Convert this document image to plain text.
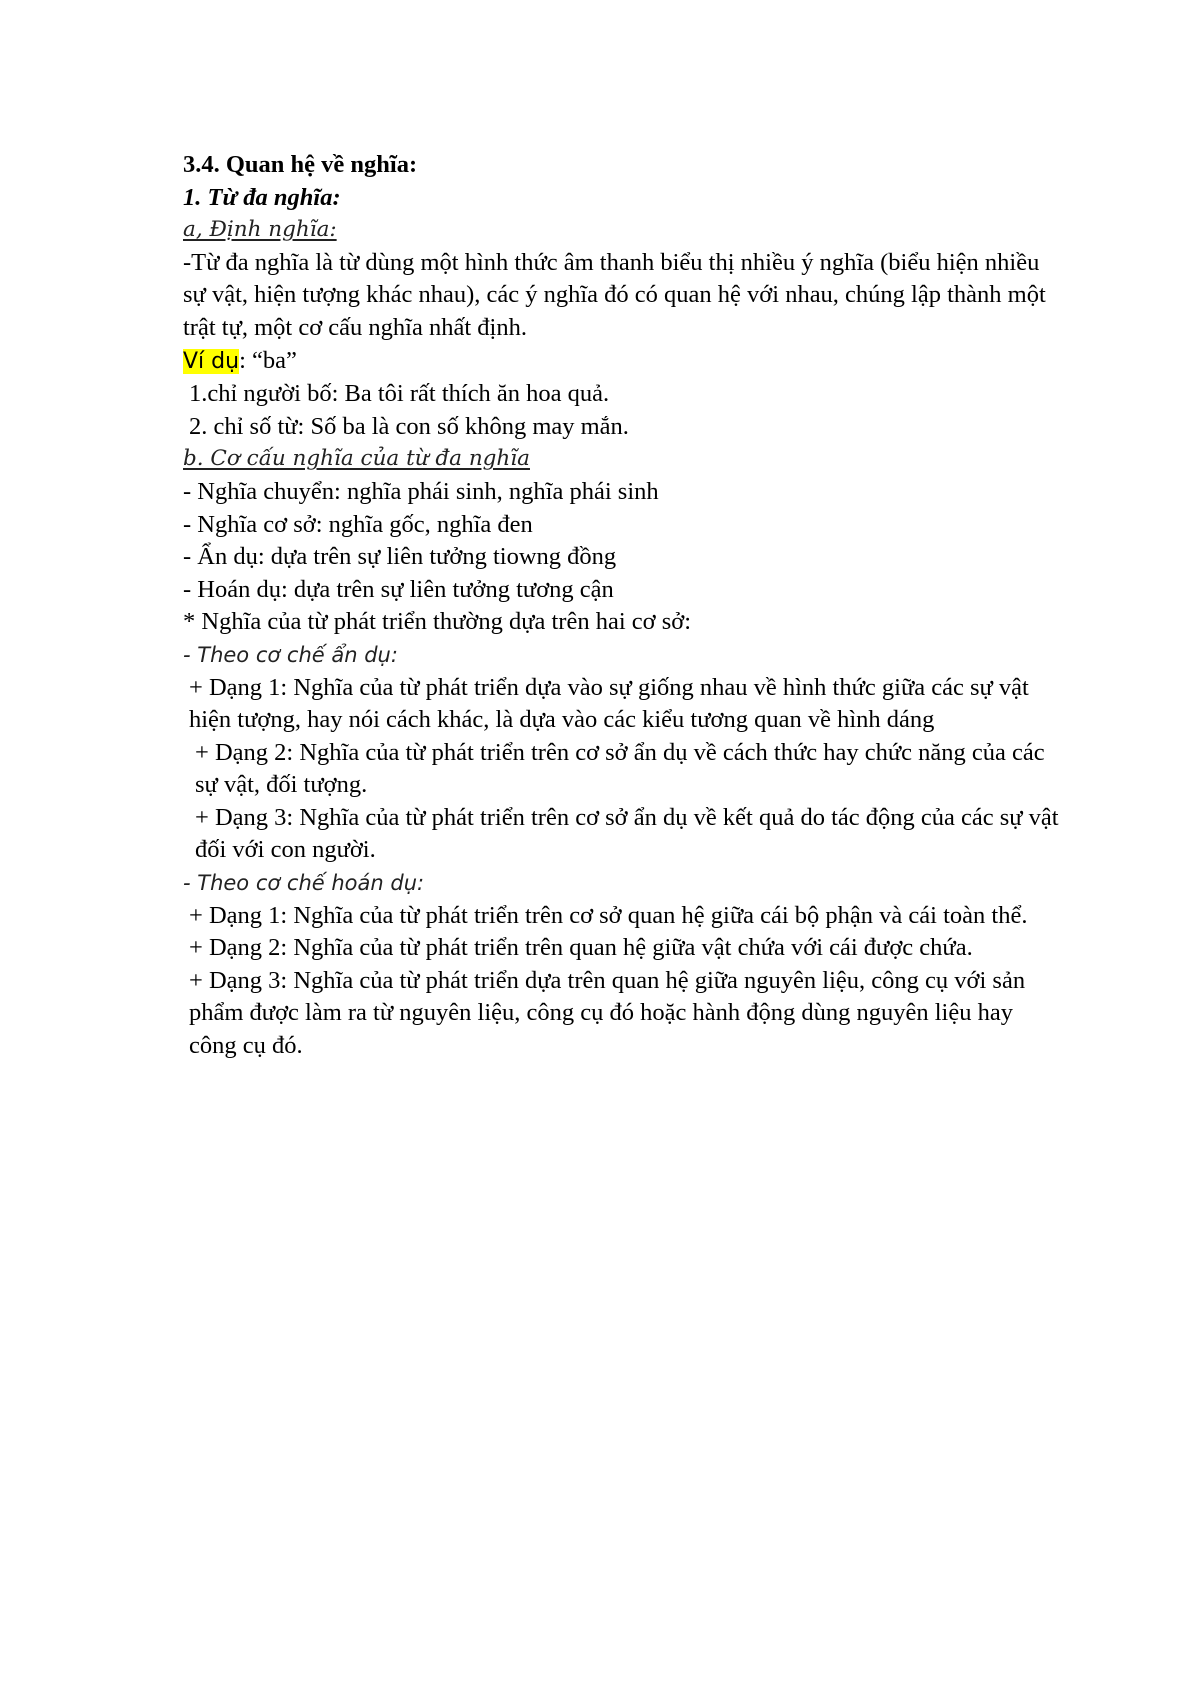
3.4. Quan hệ về nghĩa:
1. Từ đa nghĩa:
a, Định nghĩa:
-Từ đa nghĩa là từ dùng một hình thức âm thanh biểu thị nhiều ý nghĩa (biểu hiện nhiều sự vật, hiện tượng khác nhau), các ý nghĩa đó có quan hệ với nhau, chúng lập thành một trật tự, một cơ cấu nghĩa nhất định.
Ví dụ: “ba”
1.chỉ người bố: Ba tôi rất thích ăn hoa quả.
2. chỉ số từ: Số ba là con số không may mắn.
b. Cơ cấu nghĩa của từ đa nghĩa
- Nghĩa chuyển: nghĩa phái sinh, nghĩa phái sinh
- Nghĩa cơ sở: nghĩa gốc, nghĩa đen
- Ẩn dụ: dựa trên sự liên tưởng tiowng đồng
- Hoán dụ: dựa trên sự liên tưởng tương cận
* Nghĩa của từ phát triển thường dựa trên hai cơ sở:
- Theo cơ chế ẩn dụ:
+ Dạng 1: Nghĩa của từ phát triển dựa vào sự giống nhau về hình thức giữa các sự vật hiện tượng, hay nói cách khác, là dựa vào các kiểu tương quan về hình dáng
+ Dạng 2: Nghĩa của từ phát triển trên cơ sở ẩn dụ về cách thức hay chức năng của các sự vật, đối tượng.
+ Dạng 3: Nghĩa của từ phát triển trên cơ sở ẩn dụ về kết quả do tác động của các sự vật đối với con người.
- Theo cơ chế hoán dụ:
+ Dạng 1: Nghĩa của từ phát triển trên cơ sở quan hệ giữa cái bộ phận và cái toàn thể.
+ Dạng 2: Nghĩa của từ phát triển trên quan hệ giữa vật chứa với cái được chứa.
+ Dạng 3: Nghĩa của từ phát triển dựa trên quan hệ giữa nguyên liệu, công cụ với sản phẩm được làm ra từ nguyên liệu, công cụ đó hoặc hành động dùng nguyên liệu hay công cụ đó.
